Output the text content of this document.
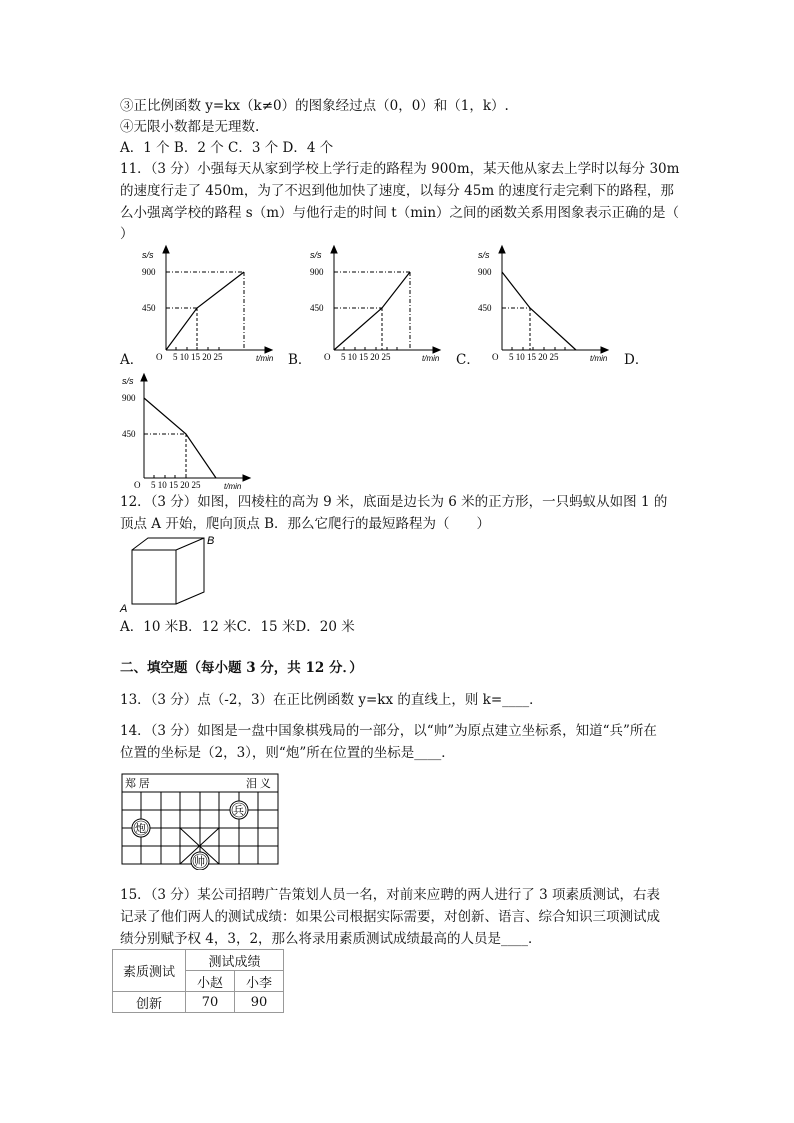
③正比例函数 y=kx（k≠0）的图象经过点（0，0）和（1，k）.
④无限小数都是无理数.
A．1 个 B．2 个 C．3 个 D．4 个
11．（3 分）小强每天从家到学校上学行走的路程为 900m，某天他从家去上学时以每分 30m
的速度行走了 450m，为了不迟到他加快了速度，以每分 45m 的速度行走完剩下的路程，那
么小强离学校的路程 s（m）与他行走的时间 t（min）之间的函数关系用图象表示正确的是（
）
A．	B．	C．	D．
s/s
900
450
O 5 10 15 20 25	t/min
s/s
900
450
O 5 10 15 20 25	t/min
s/s
900
450
O 5 10 15 20 25	t/min
s/s
900
450
O 5 10 15 20 25	t/min
12．（3 分）如图，四棱柱的高为 9 米，底面是边长为 6 米的正方形，一只蚂蚁从如图 1 的
顶点 A 开始，爬向顶点 B．那么它爬行的最短路程为（　　）
A
B
A．10 米B．12 米C．15 米D．20 米
二、填空题（每小题 3 分，共 12 分．）
13．（3 分）点（-2，3）在正比例函数 y=kx 的直线上，则 k=____．
14．（3 分）如图是一盘中国象棋残局的一部分，以“帅”为原点建立坐标系，知道“兵”所在
位置的坐标是（2，3），则“炮”所在位置的坐标是____．
郑 居	泪 义
兵
炮
帅
15．（3 分）某公司招聘广告策划人员一名，对前来应聘的两人进行了 3 项素质测试，右表
记录了他们两人的测试成绩：如果公司根据实际需要，对创新、语言、综合知识三项测试成
绩分别赋予权 4，3，2，那么将录用素质测试成绩最高的人员是____．
素质测试	测试成绩	
	小赵	小李
创新	70	90
